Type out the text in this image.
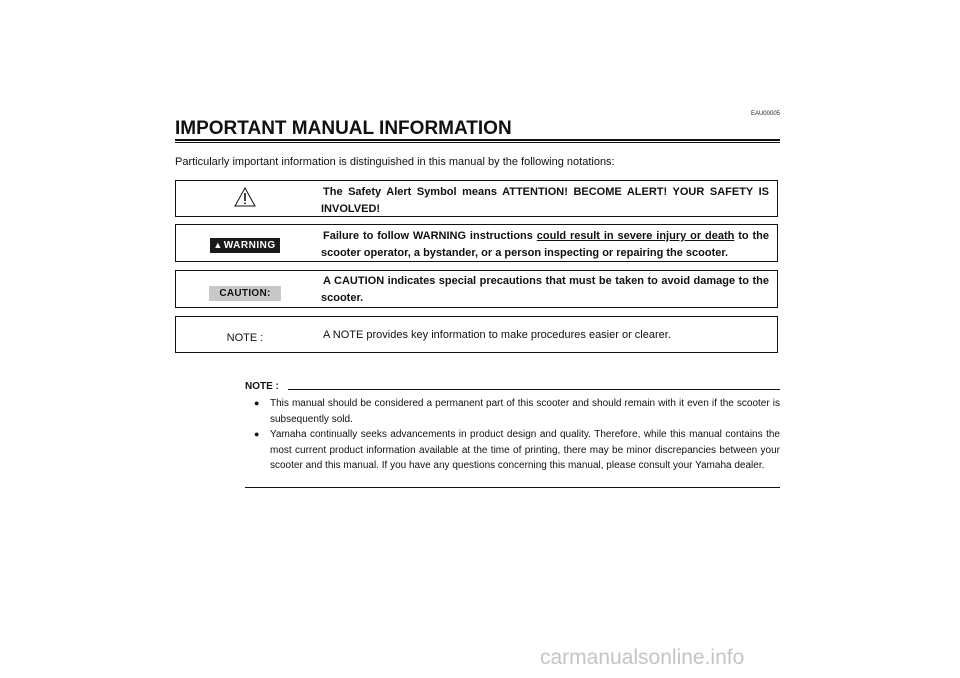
EAU00005
IMPORTANT MANUAL INFORMATION

Particularly important information is distinguished in this manual by the following notations:

The Safety Alert Symbol means ATTENTION! BECOME ALERT! YOUR SAFETY IS INVOLVED!
▲WARNING
Failure to follow WARNING instructions could result in severe injury or death to the scooter operator, a bystander, or a person inspecting or repairing the scooter.
CAUTION:
A CAUTION indicates special precautions that must be taken to avoid damage to the scooter.
NOTE :	A NOTE provides key information to make procedures easier or clearer.
NOTE :
● This manual should be considered a permanent part of this scooter and should remain with it even if the scooter is subsequently sold.
● Yamaha continually seeks advancements in product design and quality. Therefore, while this manual contains the most current product information available at the time of printing, there may be minor discrepancies between your scooter and this manual. If you have any questions concerning this manual, please consult your Yamaha dealer.
carmanualsonline.info
